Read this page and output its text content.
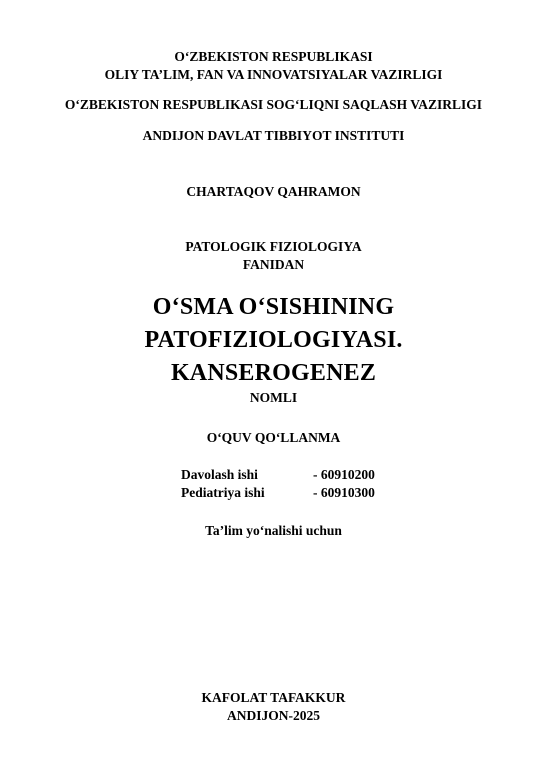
O‘ZBEKISTON RESPUBLIKASI
OLIY TA’LIM, FAN VA INNOVATSIYALAR VAZIRLIGI
O‘ZBEKISTON RESPUBLIKASI SOG‘LIQNI SAQLASH VAZIRLIGI
ANDIJON DAVLAT TIBBIYOT INSTITUTI
CHARTAQOV QAHRAMON
PATOLOGIK FIZIOLOGIYA
FANIDAN
O‘SMA O‘SISHINING
PATOFIZIOLOGIYASI.
KANSEROGENEZ
NOMLI
O‘QUV QO‘LLANMA
Davolash ishi	- 60910200
Pediatriya ishi	- 60910300
Ta’lim yo‘nalishi uchun
KAFOLAT TAFAKKUR
ANDIJON-2025
